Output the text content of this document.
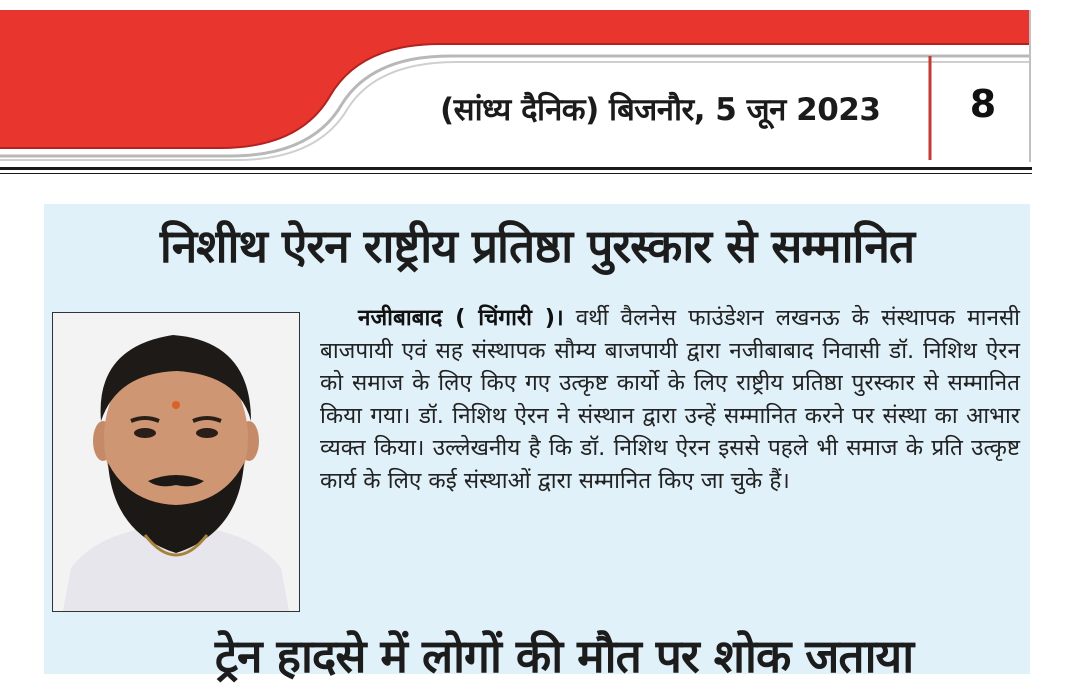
(सांध्य दैनिक) बिजनौर, 5 जून 2023	8
निशीथ ऐरन राष्ट्रीय प्रतिष्ठा पुरस्कार से सम्मानित
नजीबाबाद ( चिंगारी )। वर्थी वैलनेस फाउंडेशन लखनऊ के संस्थापक मानसी बाजपायी एवं सह संस्थापक सौम्य बाजपायी द्वारा नजीबाबाद निवासी डॉ. निशिथ ऐरन को समाज के लिए किए गए उत्कृष्ट कार्यो के लिए राष्ट्रीय प्रतिष्ठा पुरस्कार से सम्मानित किया गया। डॉ. निशिथ ऐरन ने संस्थान द्वारा उन्हें सम्मानित करने पर संस्था का आभार व्यक्त किया। उल्लेखनीय है कि डॉ. निशिथ ऐरन इससे पहले भी समाज के प्रति उत्कृष्ट कार्य के लिए कई संस्थाओं द्वारा सम्मानित किए जा चुके हैं।
ट्रेन हादसे में लोगों की मौत पर शोक जताया
